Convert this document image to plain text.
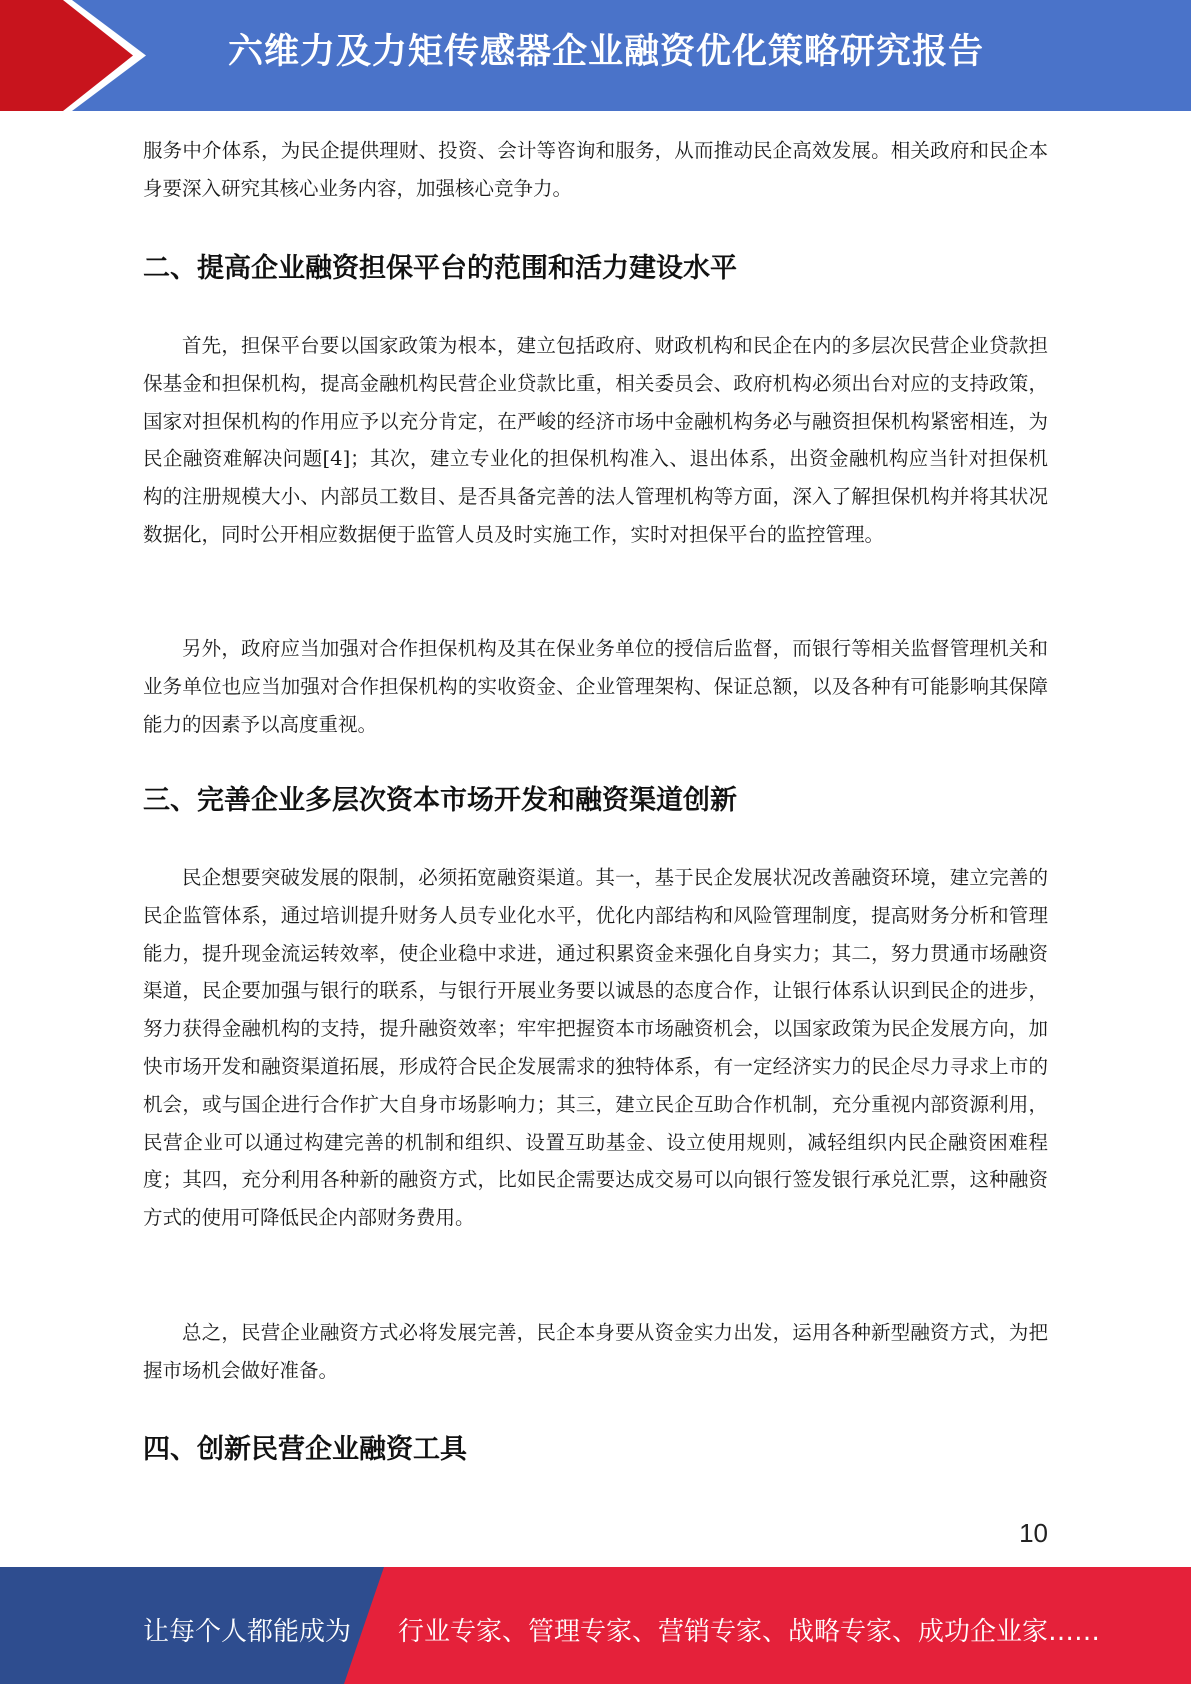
六维力及力矩传感器企业融资优化策略研究报告
服务中介体系，为民企提供理财、投资、会计等咨询和服务，从而推动民企高效发展。相关政府和民企本身要深入研究其核心业务内容，加强核心竞争力。
二、提高企业融资担保平台的范围和活力建设水平
首先，担保平台要以国家政策为根本，建立包括政府、财政机构和民企在内的多层次民营企业贷款担保基金和担保机构，提高金融机构民营企业贷款比重，相关委员会、政府机构必须出台对应的支持政策，国家对担保机构的作用应予以充分肯定，在严峻的经济市场中金融机构务必与融资担保机构紧密相连，为民企融资难解决问题[4]；其次，建立专业化的担保机构准入、退出体系，出资金融机构应当针对担保机构的注册规模大小、内部员工数目、是否具备完善的法人管理机构等方面，深入了解担保机构并将其状况数据化，同时公开相应数据便于监管人员及时实施工作，实时对担保平台的监控管理。
另外，政府应当加强对合作担保机构及其在保业务单位的授信后监督，而银行等相关监督管理机关和业务单位也应当加强对合作担保机构的实收资金、企业管理架构、保证总额，以及各种有可能影响其保障能力的因素予以高度重视。
三、完善企业多层次资本市场开发和融资渠道创新
民企想要突破发展的限制，必须拓宽融资渠道。其一，基于民企发展状况改善融资环境，建立完善的民企监管体系，通过培训提升财务人员专业化水平，优化内部结构和风险管理制度，提高财务分析和管理能力，提升现金流运转效率，使企业稳中求进，通过积累资金来强化自身实力；其二，努力贯通市场融资渠道，民企要加强与银行的联系，与银行开展业务要以诚恳的态度合作，让银行体系认识到民企的进步，努力获得金融机构的支持，提升融资效率；牢牢把握资本市场融资机会，以国家政策为民企发展方向，加快市场开发和融资渠道拓展，形成符合民企发展需求的独特体系，有一定经济实力的民企尽力寻求上市的机会，或与国企进行合作扩大自身市场影响力；其三，建立民企互助合作机制，充分重视内部资源利用，民营企业可以通过构建完善的机制和组织、设置互助基金、设立使用规则，减轻组织内民企融资困难程度；其四，充分利用各种新的融资方式，比如民企需要达成交易可以向银行签发银行承兑汇票，这种融资方式的使用可降低民企内部财务费用。
总之，民营企业融资方式必将发展完善，民企本身要从资金实力出发，运用各种新型融资方式，为把握市场机会做好准备。
四、创新民营企业融资工具
10
让每个人都能成为 行业专家、管理专家、营销专家、战略专家、成功企业家……
